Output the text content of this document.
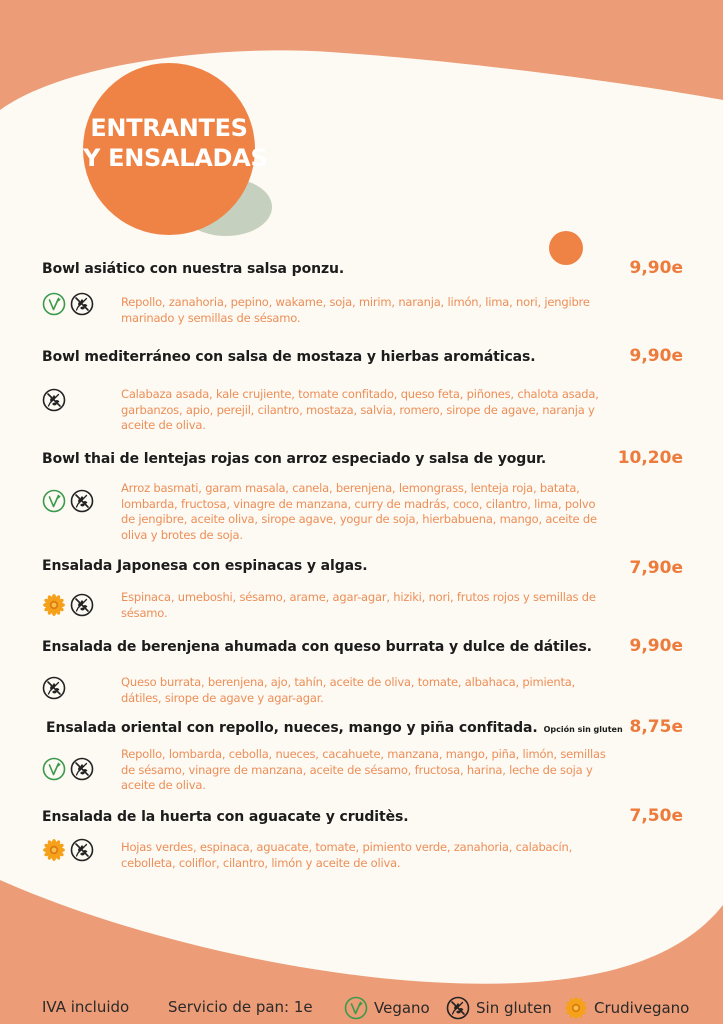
ENTRANTES
Y ENSALADAS
Bowl asiático con nuestra salsa ponzu.	9,90e
Repollo, zanahoria, pepino, wakame, soja, mirim, naranja, limón, lima, nori, jengibre marinado y semillas de sésamo.
Bowl mediterráneo con salsa de mostaza y hierbas aromáticas.	9,90e
Calabaza asada, kale crujiente, tomate confitado, queso feta, piñones, chalota asada, garbanzos, apio, perejil, cilantro, mostaza, salvia, romero, sirope de agave, naranja y aceite de oliva.
Bowl thai de lentejas rojas con arroz especiado y salsa de yogur.	10,20e
Arroz basmati, garam masala, canela, berenjena, lemongrass, lenteja roja, batata, lombarda, fructosa, vinagre de manzana, curry de madrás, coco, cilantro, lima, polvo de jengibre, aceite oliva, sirope agave, yogur de soja, hierbabuena, mango, aceite de oliva y brotes de soja.
Ensalada Japonesa con espinacas y algas.	7,90e
Espinaca, umeboshi, sésamo, arame, agar-agar, hiziki, nori, frutos rojos y semillas de sésamo.
Ensalada de berenjena ahumada con queso burrata y dulce de dátiles. 9,90e
Queso burrata, berenjena, ajo, tahín, aceite de oliva, tomate, albahaca, pimienta, dátiles, sirope de agave y agar-agar.
Ensalada oriental con repollo, nueces, mango y piña confitada. Opción sin gluten 8,75e
Repollo, lombarda, cebolla, nueces, cacahuete, manzana, mango, piña, limón, semillas de sésamo, vinagre de manzana, aceite de sésamo, fructosa, harina, leche de soja y aceite de oliva.
Ensalada de la huerta con aguacate y cruditès.	7,50e
Hojas verdes, espinaca, aguacate, tomate, pimiento verde, zanahoria, calabacín, cebolleta, coliflor, cilantro, limón y aceite de oliva.
IVA incluido	Servicio de pan: 1e	Vegano	Sin gluten	Crudivegano
